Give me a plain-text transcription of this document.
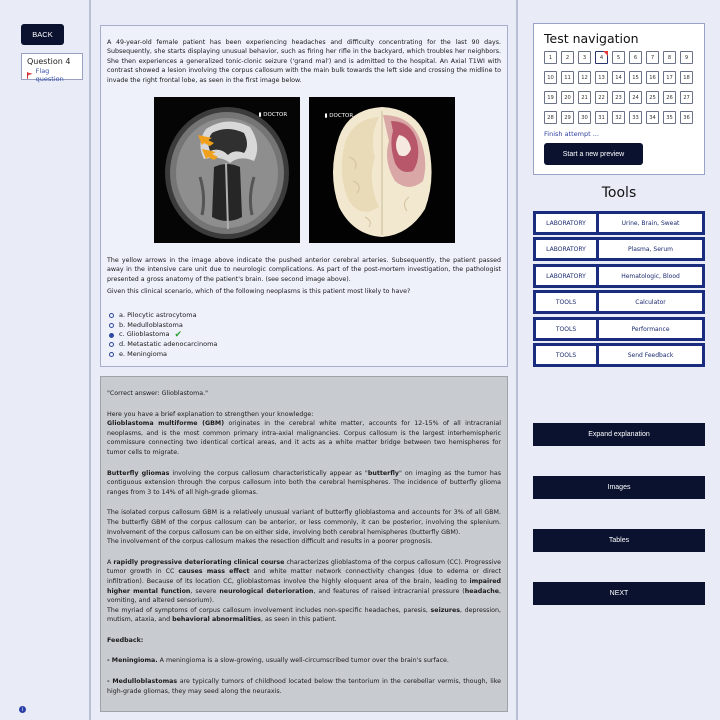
BACK
Question 4
Flag question

A 49-year-old female patient has been experiencing headaches and difficulty concentrating for the last 90 days. Subsequently, she starts displaying unusual behavior, such as firing her rifle in the backyard, which troubles her neighbors. She then experiences a generalized tonic-clonic seizure ('grand mal') and is admitted to the hospital. An Axial T1WI with contrast showed a lesion involving the corpus callosum with the main bulk towards the left side and crossing the midline to invade the right frontal lobe, as seen in the first image below.

▮ DOCTOR	▮ DOCTOR

The yellow arrows in the image above indicate the pushed anterior cerebral arteries. Subsequently, the patient passed away in the intensive care unit due to neurologic complications. As part of the post-mortem investigation, the pathologist presented a gross anatomy of the patient's brain. (see second image above).

Given this clinical scenario, which of the following neoplasms is this patient most likely to have?

a. Pilocytic astrocytoma
b. Medulloblastoma
c. Glioblastoma ✔
d. Metastatic adenocarcinoma
e. Meningioma

"Correct answer: Glioblastoma."

Here you have a brief explanation to strengthen your knowledge:

Glioblastoma multiforme (GBM) originates in the cerebral white matter, accounts for 12-15% of all intracranial neoplasms, and is the most common primary intra-axial malignancies. Corpus callosum is the largest interhemispheric commissure connecting two identical cortical areas, and it acts as a white matter bridge between two hemispheres for tumor cells to migrate.

Butterfly gliomas involving the corpus callosum characteristically appear as "butterfly" on imaging as the tumor has contiguous extension through the corpus callosum into both the cerebral hemispheres. The incidence of butterfly glioma ranges from 3 to 14% of all high-grade gliomas.

The isolated corpus callosum GBM is a relatively unusual variant of butterfly glioblastoma and accounts for 3% of all GBM. The butterfly GBM of the corpus callosum can be anterior, or less commonly, it can be posterior, involving the splenium. Involvement of the corpus callosum can be on either side, involving both cerebral hemispheres (butterfly GBM).

The involvement of the corpus callosum makes the resection difficult and results in a poorer prognosis.

A rapidly progressive deteriorating clinical course characterizes glioblastoma of the corpus callosum (CC). Progressive tumor growth in CC causes mass effect and white matter network connectivity changes (due to edema or direct infiltration). Because of its location CC, glioblastomas involve the highly eloquent area of the brain, leading to impaired higher mental function, severe neurological deterioration, and features of raised intracranial pressure (headache, vomiting, and altered sensorium).

The myriad of symptoms of corpus callosum involvement includes non-specific headaches, paresis, seizures, depression, mutism, ataxia, and behavioral abnormalities, as seen in this patient.

Feedback:

- Meningioma. A meningioma is a slow-growing, usually well-circumscribed tumor over the brain's surface.

- Medulloblastomas are typically tumors of childhood located below the tentorium in the cerebellar vermis, though, like high-grade gliomas, they may seed along the neuraxis.

Test navigation
1	2	3	4	5	6	7	8	9
10	11	12	13	14	15	16	17	18
19	20	21	22	23	24	25	26	27
28	29	30	31	32	33	34	35	36
Finish attempt ...
Start a new preview
Tools
LABORATORY	Urine, Brain, Sweat
LABORATORY	Plasma, Serum
LABORATORY	Hematologic, Blood
TOOLS	Calculator
TOOLS	Performance
TOOLS	Send Feedback
Expand explanation
Images
Tables
NEXT
i
